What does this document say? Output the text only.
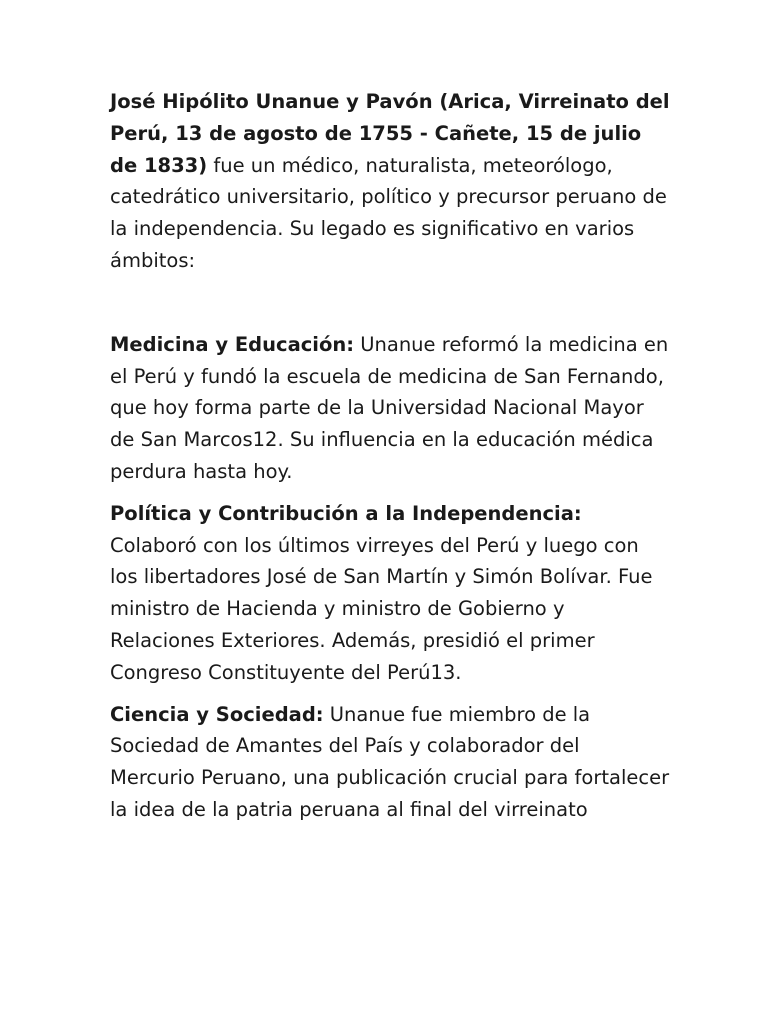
José Hipólito Unanue y Pavón (Arica, Virreinato del Perú, 13 de agosto de 1755 - Cañete, 15 de julio de 1833) fue un médico, naturalista, meteorólogo, catedrático universitario, político y precursor peruano de la independencia. Su legado es significativo en varios ámbitos:

Medicina y Educación: Unanue reformó la medicina en el Perú y fundó la escuela de medicina de San Fernando, que hoy forma parte de la Universidad Nacional Mayor de San Marcos12. Su influencia en la educación médica perdura hasta hoy.

Política y Contribución a la Independencia: Colaboró con los últimos virreyes del Perú y luego con los libertadores José de San Martín y Simón Bolívar. Fue ministro de Hacienda y ministro de Gobierno y Relaciones Exteriores. Además, presidió el primer Congreso Constituyente del Perú13.

Ciencia y Sociedad: Unanue fue miembro de la Sociedad de Amantes del País y colaborador del Mercurio Peruano, una publicación crucial para fortalecer la idea de la patria peruana al final del virreinato
